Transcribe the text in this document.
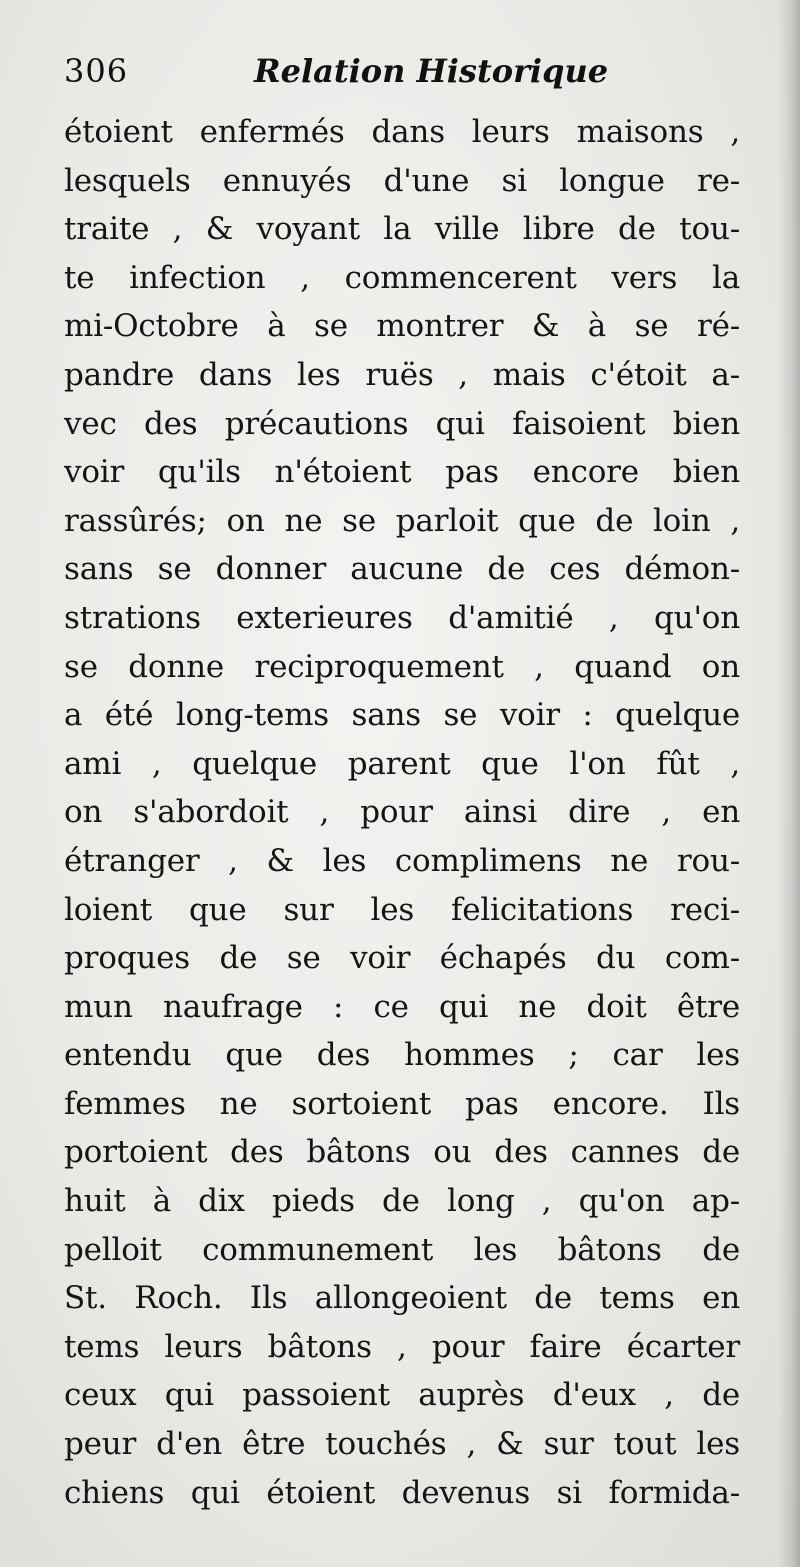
306	Relation Historique
étoient enfermés dans leurs maisons ,
lesquels ennuyés d'une si longue re-
traite , & voyant la ville libre de tou-
te infection , commencerent vers la
mi-Octobre à se montrer & à se ré-
pandre dans les ruës , mais c'étoit a-
vec des précautions qui faisoient bien
voir qu'ils n'étoient pas encore bien
rassûrés; on ne se parloit que de loin ,
sans se donner aucune de ces démon-
strations exterieures d'amitié , qu'on
se donne reciproquement , quand on
a été long-tems sans se voir : quelque
ami , quelque parent que l'on fût ,
on s'abordoit , pour ainsi dire , en
étranger , & les complimens ne rou-
loient que sur les felicitations reci-
proques de se voir échapés du com-
mun naufrage : ce qui ne doit être
entendu que des hommes ; car les
femmes ne sortoient pas encore. Ils
portoient des bâtons ou des cannes de
huit à dix pieds de long , qu'on ap-
pelloit communement les bâtons de
St. Roch. Ils allongeoient de tems en
tems leurs bâtons , pour faire écarter
ceux qui passoient auprès d'eux , de
peur d'en être touchés , & sur tout les
chiens qui étoient devenus si formida-
